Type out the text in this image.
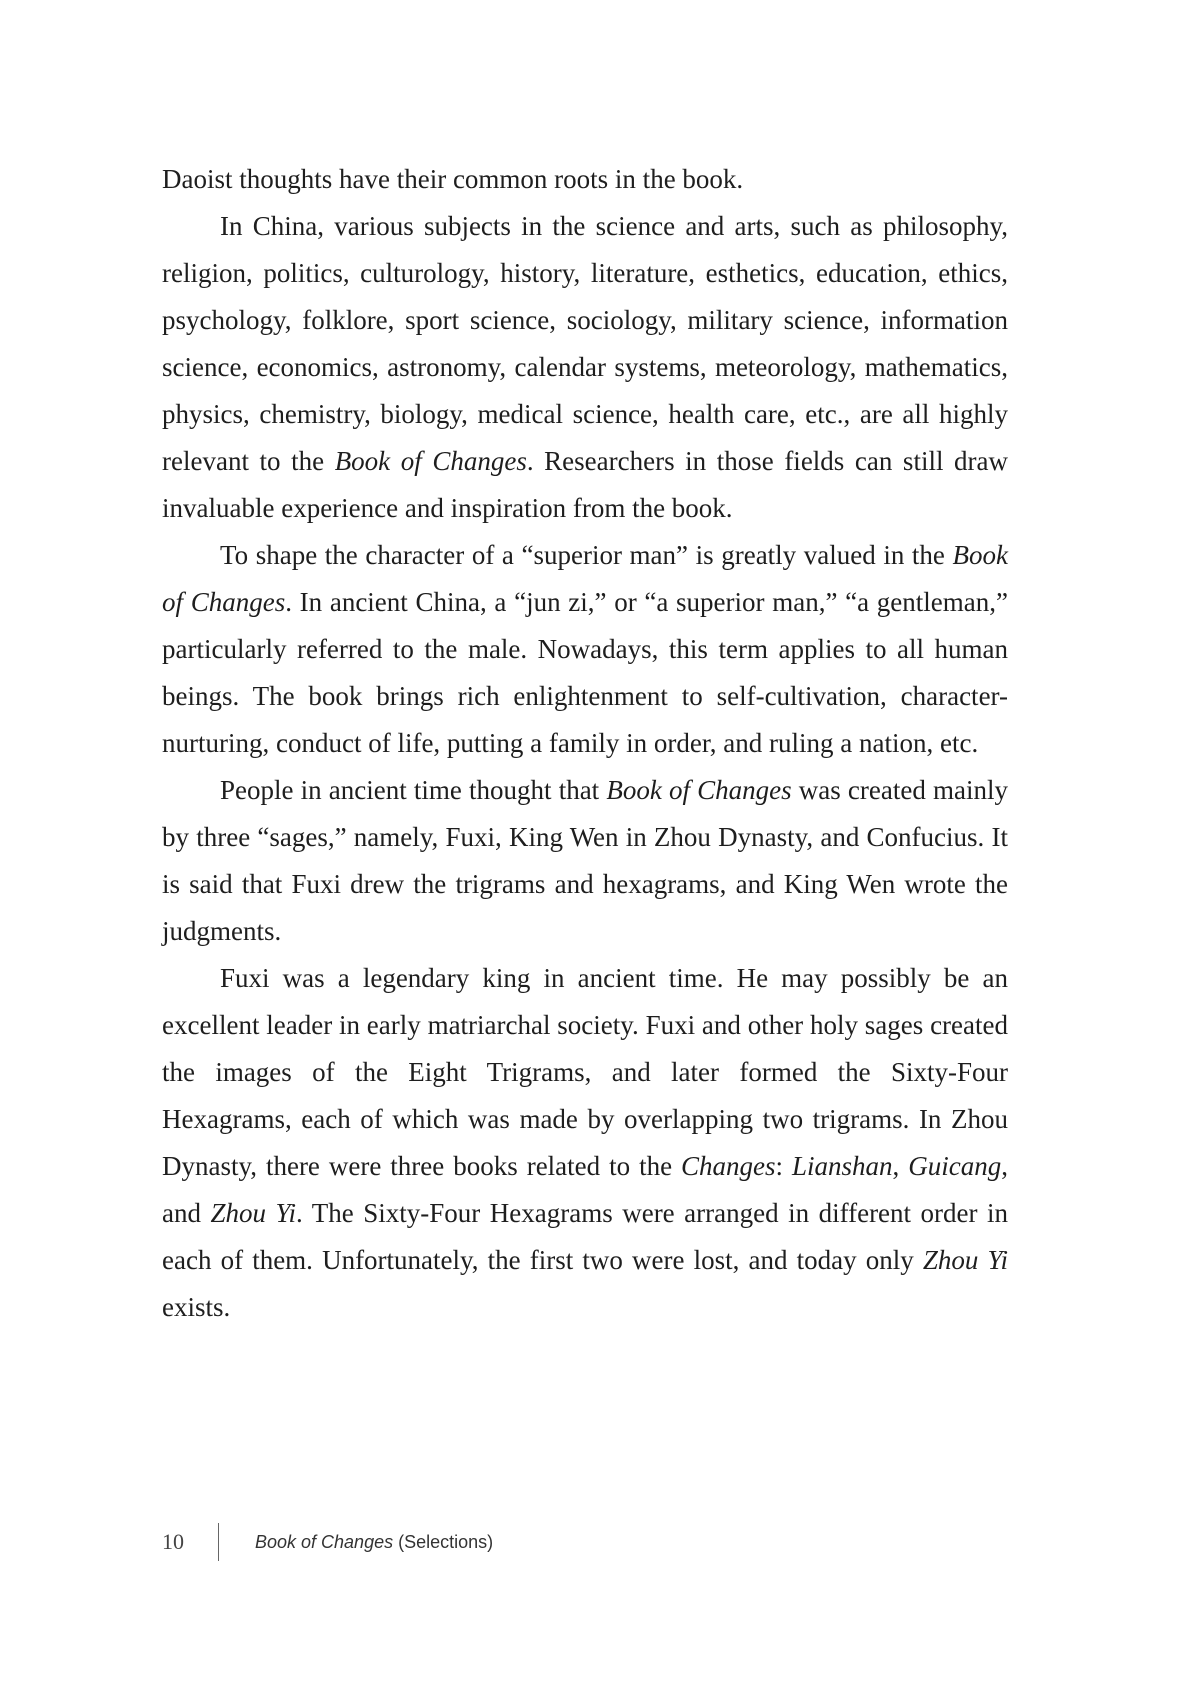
Daoist thoughts have their common roots in the book.

In China, various subjects in the science and arts, such as philosophy, religion, politics, culturology, history, literature, esthetics, education, ethics, psychology, folklore, sport science, sociology, military science, information science, economics, astronomy, calendar systems, meteorology, mathematics, physics, chemistry, biology, medical science, health care, etc., are all highly relevant to the Book of Changes. Researchers in those fields can still draw invaluable experience and inspiration from the book.

To shape the character of a “superior man” is greatly valued in the Book of Changes. In ancient China, a “jun zi,” or “a superior man,” “a gentleman,” particularly referred to the male. Nowadays, this term applies to all human beings. The book brings rich enlightenment to self-cultivation, character-nurturing, conduct of life, putting a family in order, and ruling a nation, etc.

People in ancient time thought that Book of Changes was created mainly by three “sages,” namely, Fuxi, King Wen in Zhou Dynasty, and Confucius. It is said that Fuxi drew the trigrams and hexagrams, and King Wen wrote the judgments.

Fuxi was a legendary king in ancient time. He may possibly be an excellent leader in early matriarchal society. Fuxi and other holy sages created the images of the Eight Trigrams, and later formed the Sixty-Four Hexagrams, each of which was made by overlapping two trigrams. In Zhou Dynasty, there were three books related to the Changes: Lianshan, Guicang, and Zhou Yi. The Sixty-Four Hexagrams were arranged in different order in each of them. Unfortunately, the first two were lost, and today only Zhou Yi exists.

10	Book of Changes (Selections)
